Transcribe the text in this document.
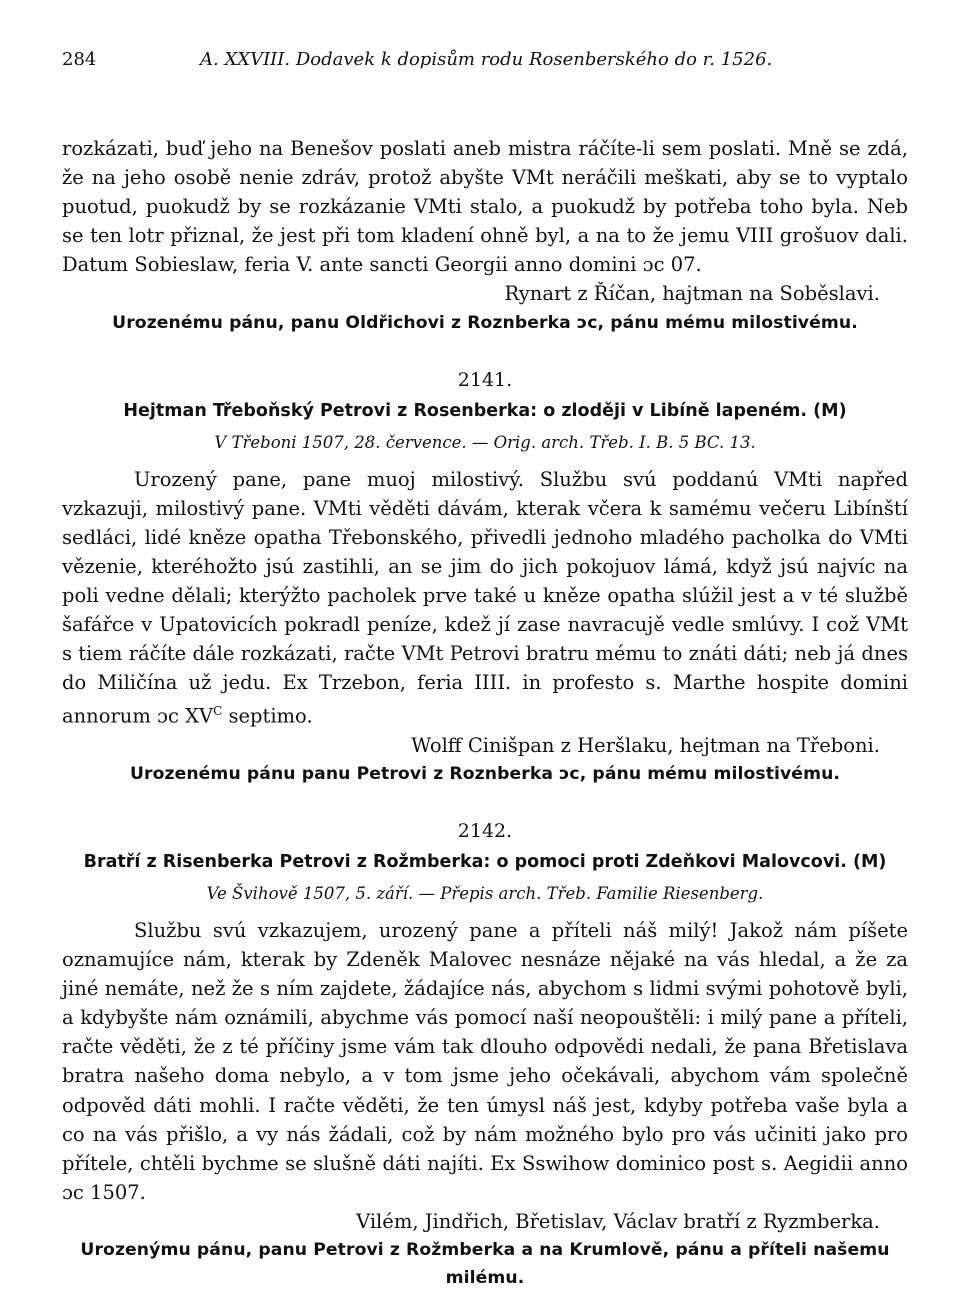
284	A. XXVIII. Dodavek k dopisům rodu Rosenberského do r. 1526.

rozkázati, buď jeho na Benešov poslati aneb mistra ráčíte-li sem poslati. Mně se zdá, že na jeho osobě nenie zdráv, protož abyšte VMt neráčili meškati, aby se to vyptalo puotud, puokudž by se rozkázanie VMti stalo, a puokudž by potřeba toho byla. Neb se ten lotr přiznal, že jest při tom kladení ohně byl, a na to že jemu VIII grošuov dali. Datum Sobieslaw, feria V. ante sancti Georgii anno domini ɔc 07.

Rynart z Říčan, hajtman na Soběslavi.

Urozenému pánu, panu Oldřichovi z Roznberka ɔc, pánu mému milostivému.

2141.

Hejtman Třeboňský Petrovi z Rosenberka: o zloději v Libíně lapeném. (M)

V Třeboni 1507, 28. července. — Orig. arch. Třeb. I. B. 5 BC. 13.

Urozený pane, pane muoj milostivý. Službu svú poddanú VMti napřed vzkazuji, milostivý pane. VMti věděti dávám, kterak včera k samému večeru Libínští sedláci, lidé kněze opatha Třebonského, přivedli jednoho mladého pacholka do VMti vězenie, kteréhožto jsú zastihli, an se jim do jich pokojuov lámá, když jsú najvíc na poli vedne dělali; kterýžto pacholek prve také u kněze opatha slúžil jest a v té službě šafářce v Upatovicích pokradl peníze, kdež jí zase navracujě vedle smlúvy. I což VMt s tiem ráčíte dále rozkázati, račte VMt Petrovi bratru mému to znáti dáti; neb já dnes do Miličína už jedu. Ex Trzebon, feria IIII. in profesto s. Marthe hospite domini annorum ɔc $XV^C$ septimo.

Wolff Cinišpan z Heršlaku, hejtman na Třeboni.

Urozenému pánu panu Petrovi z Roznberka ɔc, pánu mému milostivému.

2142.

Bratří z Risenberka Petrovi z Rožmberka: o pomoci proti Zdeňkovi Malovcovi. (M)

Ve Švihově 1507, 5. září. — Přepis arch. Třeb. Familie Riesenberg.

Službu svú vzkazujem, urozený pane a příteli náš milý! Jakož nám píšete oznamujíce nám, kterak by Zdeněk Malovec nesnáze nějaké na vás hledal, a že za jiné nemáte, než že s ním zajdete, žádajíce nás, abychom s lidmi svými pohotově byli, a kdybyšte nám oznámili, abychme vás pomocí naší neopouštěli: i milý pane a příteli, račte věděti, že z té příčiny jsme vám tak dlouho odpovědi nedali, že pana Břetislava bratra našeho doma nebylo, a v tom jsme jeho očekávali, abychom vám společně odpověd dáti mohli. I račte věděti, že ten úmysl náš jest, kdyby potřeba vaše byla a co na vás přišlo, a vy nás žádali, což by nám možného bylo pro vás učiniti jako pro přítele, chtěli bychme se slušně dáti najíti. Ex Sswihow dominico post s. Aegidii anno ɔc 1507.

Vilém, Jindřich, Břetislav, Václav bratří z Ryzmberka.

Urozenýmu pánu, panu Petrovi z Rožmberka a na Krumlově, pánu a příteli našemu milému.
